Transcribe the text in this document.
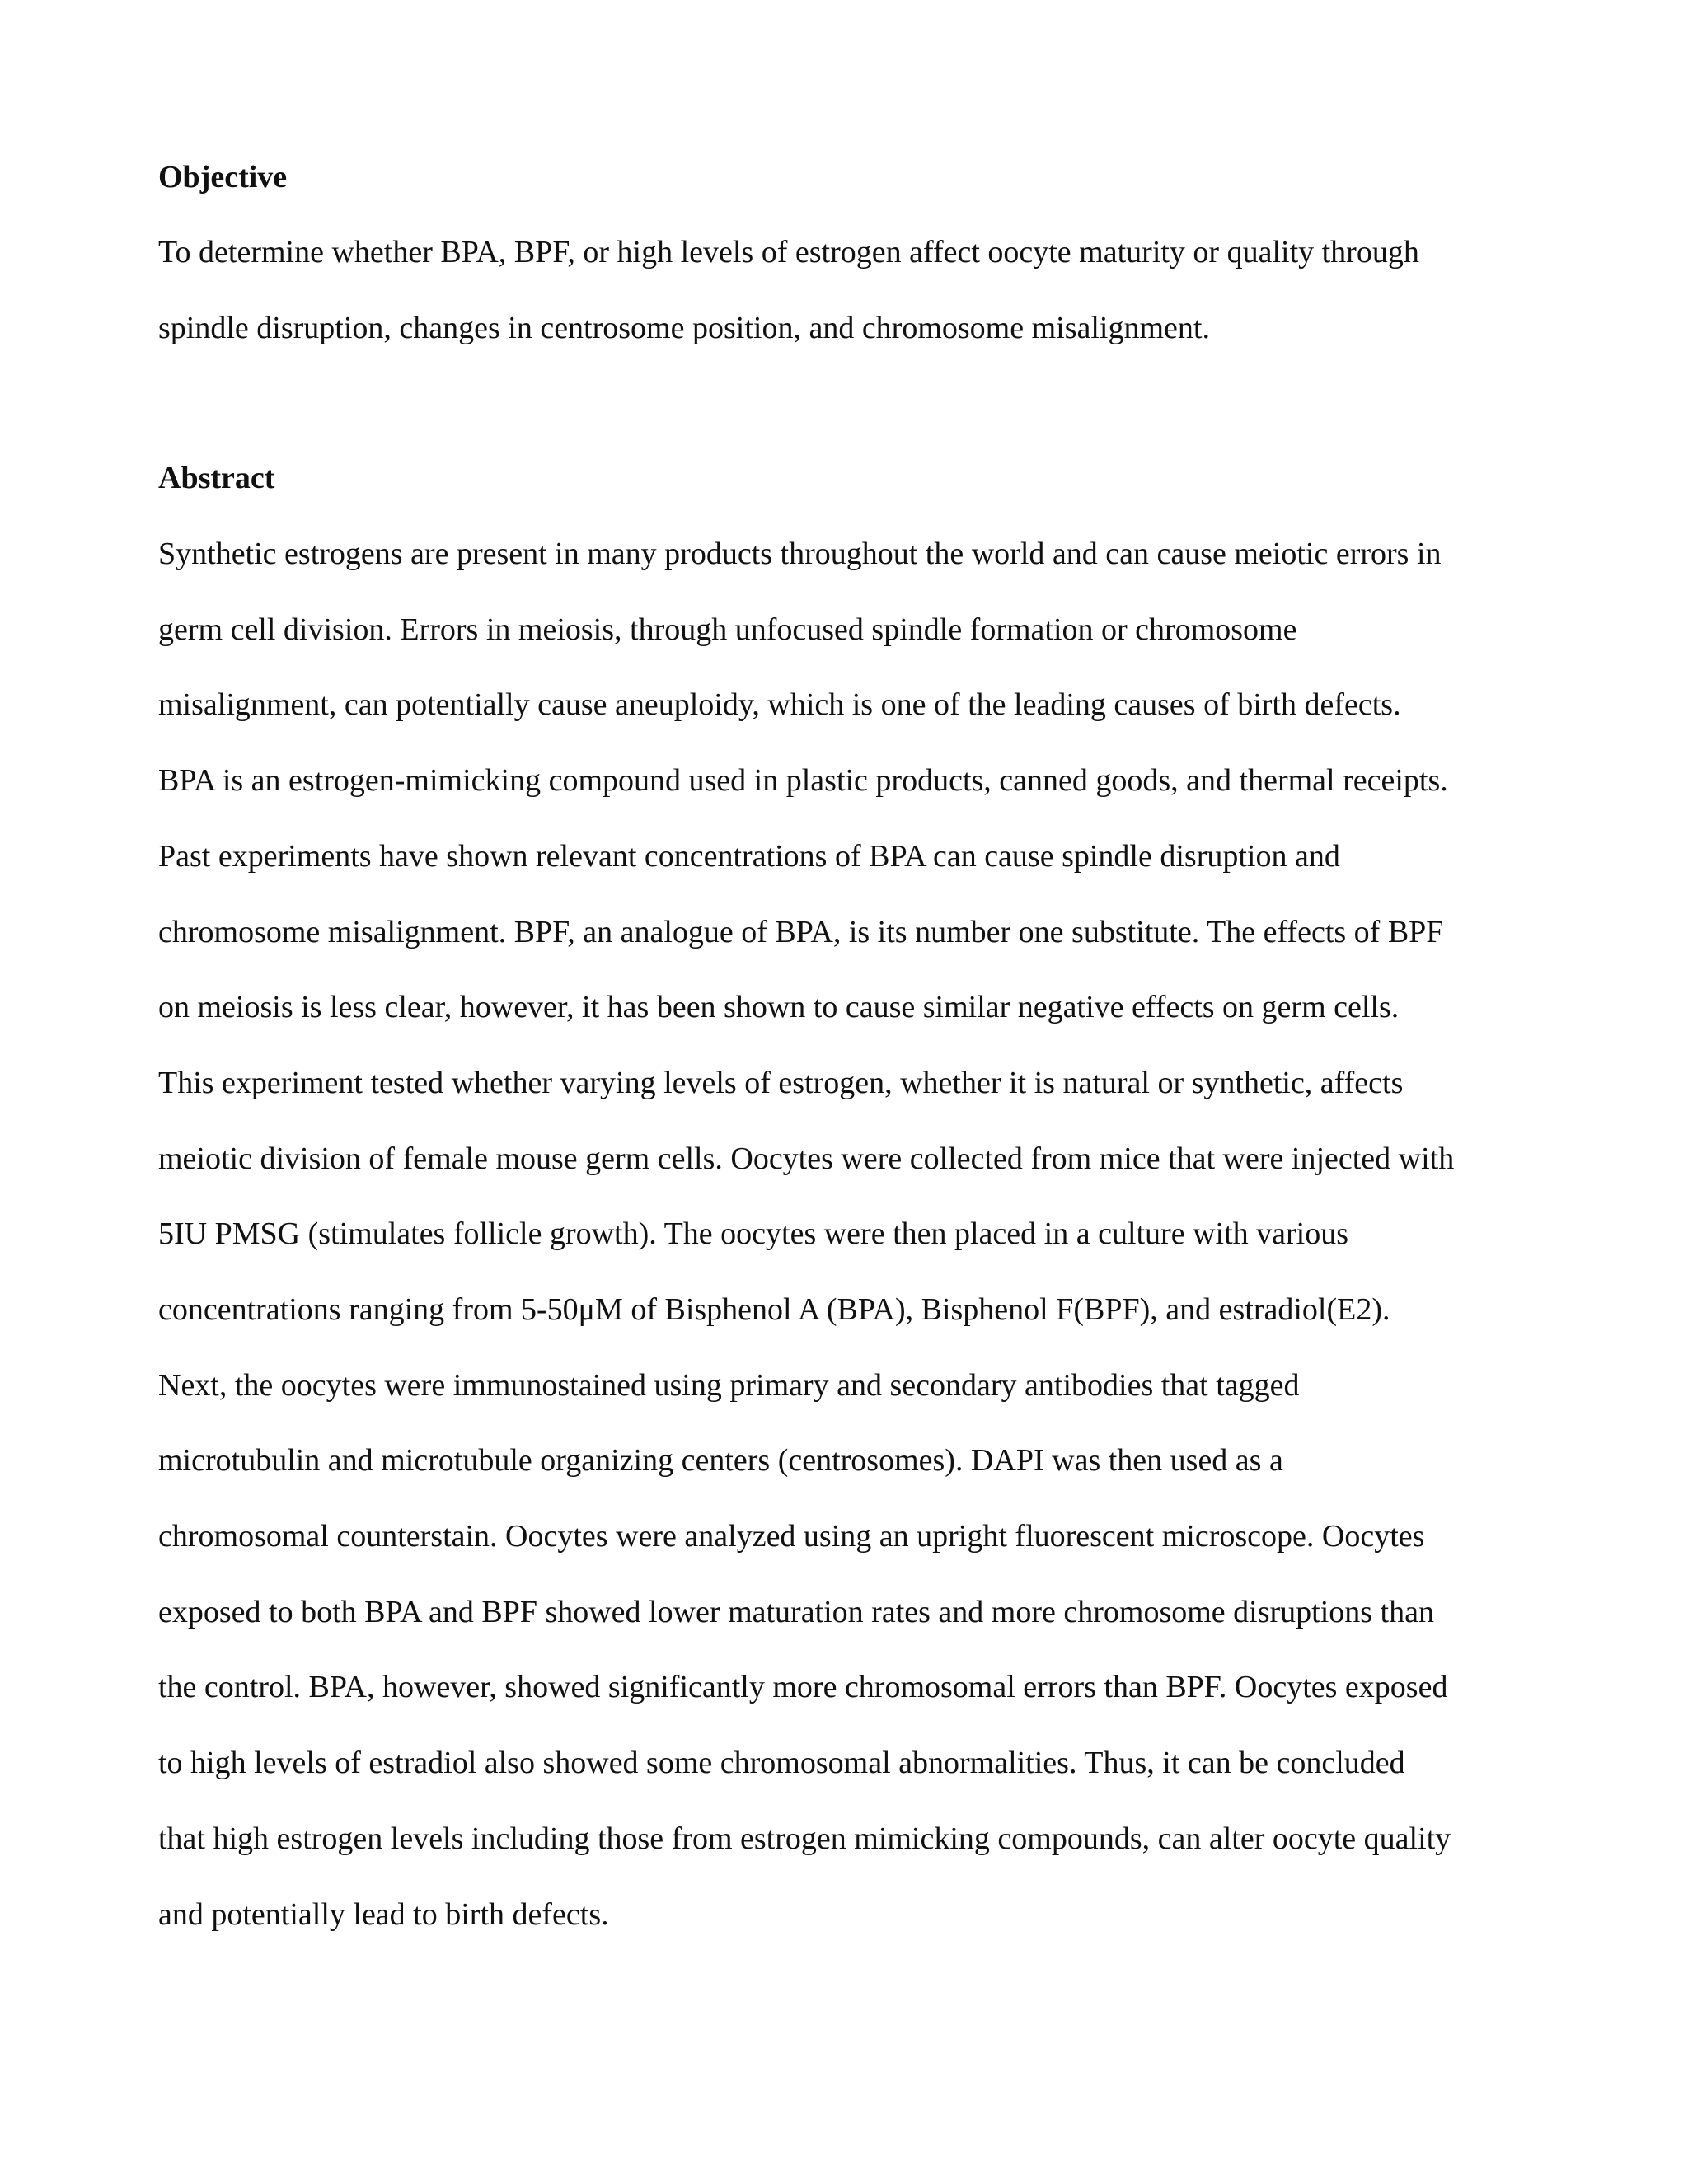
Objective
To determine whether BPA, BPF, or high levels of estrogen affect oocyte maturity or quality through
spindle disruption, changes in centrosome position, and chromosome misalignment.
Abstract
Synthetic estrogens are present in many products throughout the world and can cause meiotic errors in
germ cell division. Errors in meiosis, through unfocused spindle formation or chromosome
misalignment, can potentially cause aneuploidy, which is one of the leading causes of birth defects.
BPA is an estrogen-mimicking compound used in plastic products, canned goods, and thermal receipts.
Past experiments have shown relevant concentrations of BPA can cause spindle disruption and
chromosome misalignment. BPF, an analogue of BPA, is its number one substitute. The effects of BPF
on meiosis is less clear, however, it has been shown to cause similar negative effects on germ cells.
This experiment tested whether varying levels of estrogen, whether it is natural or synthetic, affects
meiotic division of female mouse germ cells. Oocytes were collected from mice that were injected with
5IU PMSG (stimulates follicle growth). The oocytes were then placed in a culture with various
concentrations ranging from 5-50μM of Bisphenol A (BPA), Bisphenol F(BPF), and estradiol(E2).
Next, the oocytes were immunostained using primary and secondary antibodies that tagged
microtubulin and microtubule organizing centers (centrosomes). DAPI was then used as a
chromosomal counterstain. Oocytes were analyzed using an upright fluorescent microscope. Oocytes
exposed to both BPA and BPF showed lower maturation rates and more chromosome disruptions than
the control. BPA, however, showed significantly more chromosomal errors than BPF. Oocytes exposed
to high levels of estradiol also showed some chromosomal abnormalities. Thus, it can be concluded
that high estrogen levels including those from estrogen mimicking compounds, can alter oocyte quality
and potentially lead to birth defects.
